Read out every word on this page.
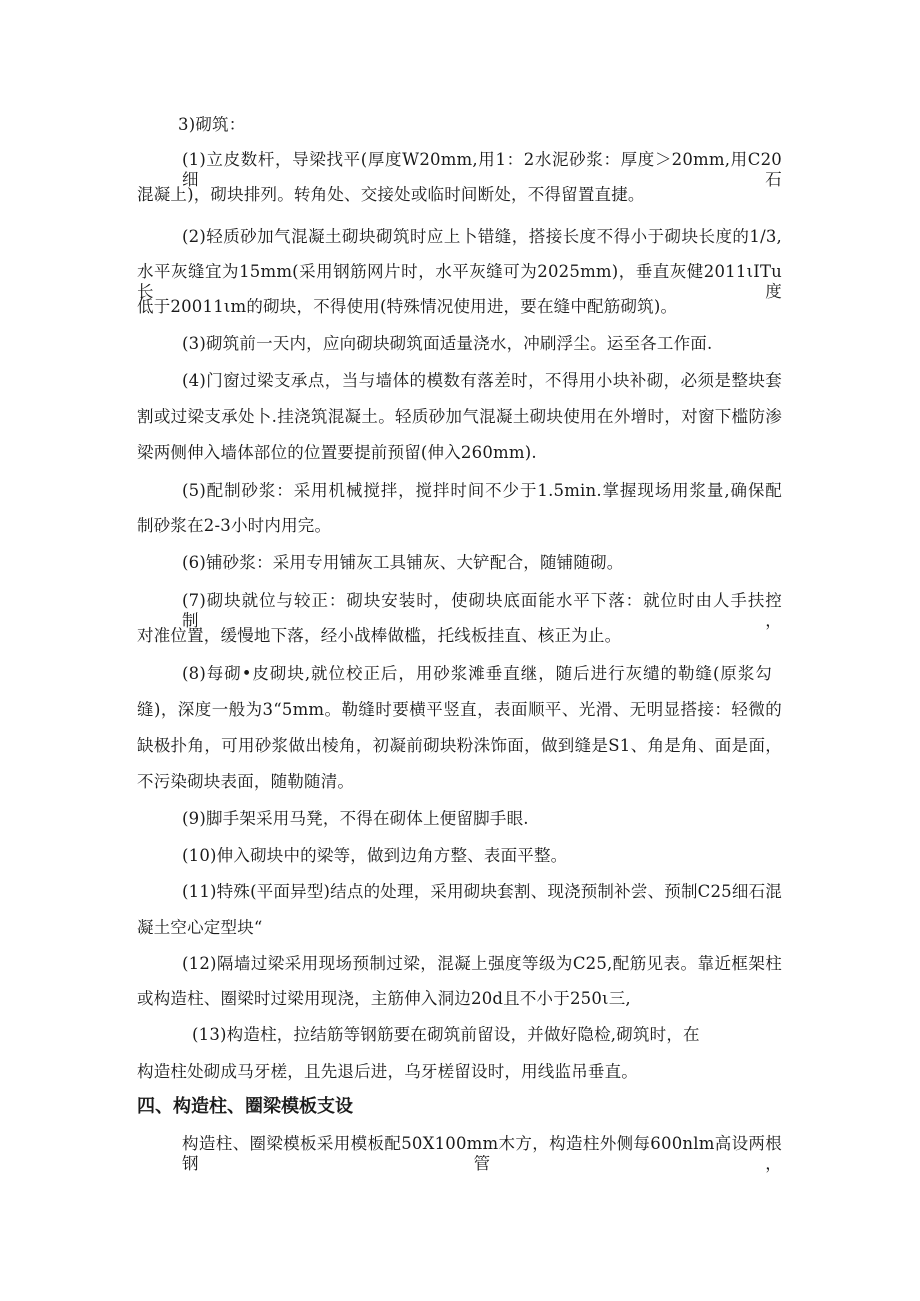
3)砌筑：
(1)立皮数杆，导梁找平(厚度W20mm,用1：2水泥砂浆：厚度＞20mm,用C20细石
混凝上)，砌块排列。转角处、交接处或临时间断处，不得留置直捷。
(2)轻质砂加气混凝土砌块砌筑时应上卜错缝，搭接长度不得小于砌块长度的1/3,
水平灰缝宜为15mm(采用钢筋网片时，水平灰缝可为2025mm)，垂直灰健2011ιITu长度
低于20011ιm的砌块，不得使用(特殊情况使用进，要在缝中配筋砌筑)。
(3)砌筑前一天内，应向砌块砌筑面适量浇水，冲刷浮尘。运至各工作面.
(4)门窗过梁支承点，当与墙体的模数有落差时，不得用小块补砌，必须是整块套
割或过梁支承处卜.挂浇筑混凝土。轻质砂加气混凝土砌块使用在外增时，对窗下槛防渗
梁两侧伸入墙体部位的位置要提前预留(伸入260mm).
(5)配制砂浆：采用机械搅拌，搅拌时间不少于1.5min.掌握现场用浆量,确保配
制砂浆在2-3小时内用完。
(6)铺砂浆：采用专用铺灰工具铺灰、大铲配合，随铺随砌。
(7)砌块就位与较正：砌块安装时，使砌块底面能水平下落：就位时由人手扶控制，
对准位置，缓慢地下落，经小战棒做槛，托线板挂直、核正为止。
(8)每砌•皮砌块,就位校正后，用砂浆滩垂直继，随后进行灰缱的勒缝(原浆勾
缝)，深度一般为3“5mm。勒缝时要横平竖直，表面顺平、光滑、无明显搭接：轻微的
缺极扑角，可用砂浆做出棱角，初凝前砌块粉洙饰面，做到缝是S1、角是角、面是面，
不污染砌块表面，随勒随清。
(9)脚手架采用马凳，不得在砌体上便留脚手眼.
(10)伸入砌块中的梁等，做到边角方整、表面平整。
(11)特殊(平面异型)结点的处理，采用砌块套割、现浇预制补尝、预制C25细石混
凝土空心定型块“
(12)隔墙过梁采用现场预制过梁，混凝上强度等级为C25,配筋见表。靠近框架柱
或构造柱、圈梁时过梁用现浇，主筋伸入洞边20d且不小于250ι三,
(13)构造柱，拉结筋等钢筋要在砌筑前留设，并做好隐检,砌筑时，在
构造柱处砌成马牙槎，且先退后进，乌牙槎留设时，用线监吊垂直。
四、构造柱、圈梁模板支设
构造柱、圈梁模板采用模板配50X100mm木方，构造柱外侧每600nlm高设两根钢管，
